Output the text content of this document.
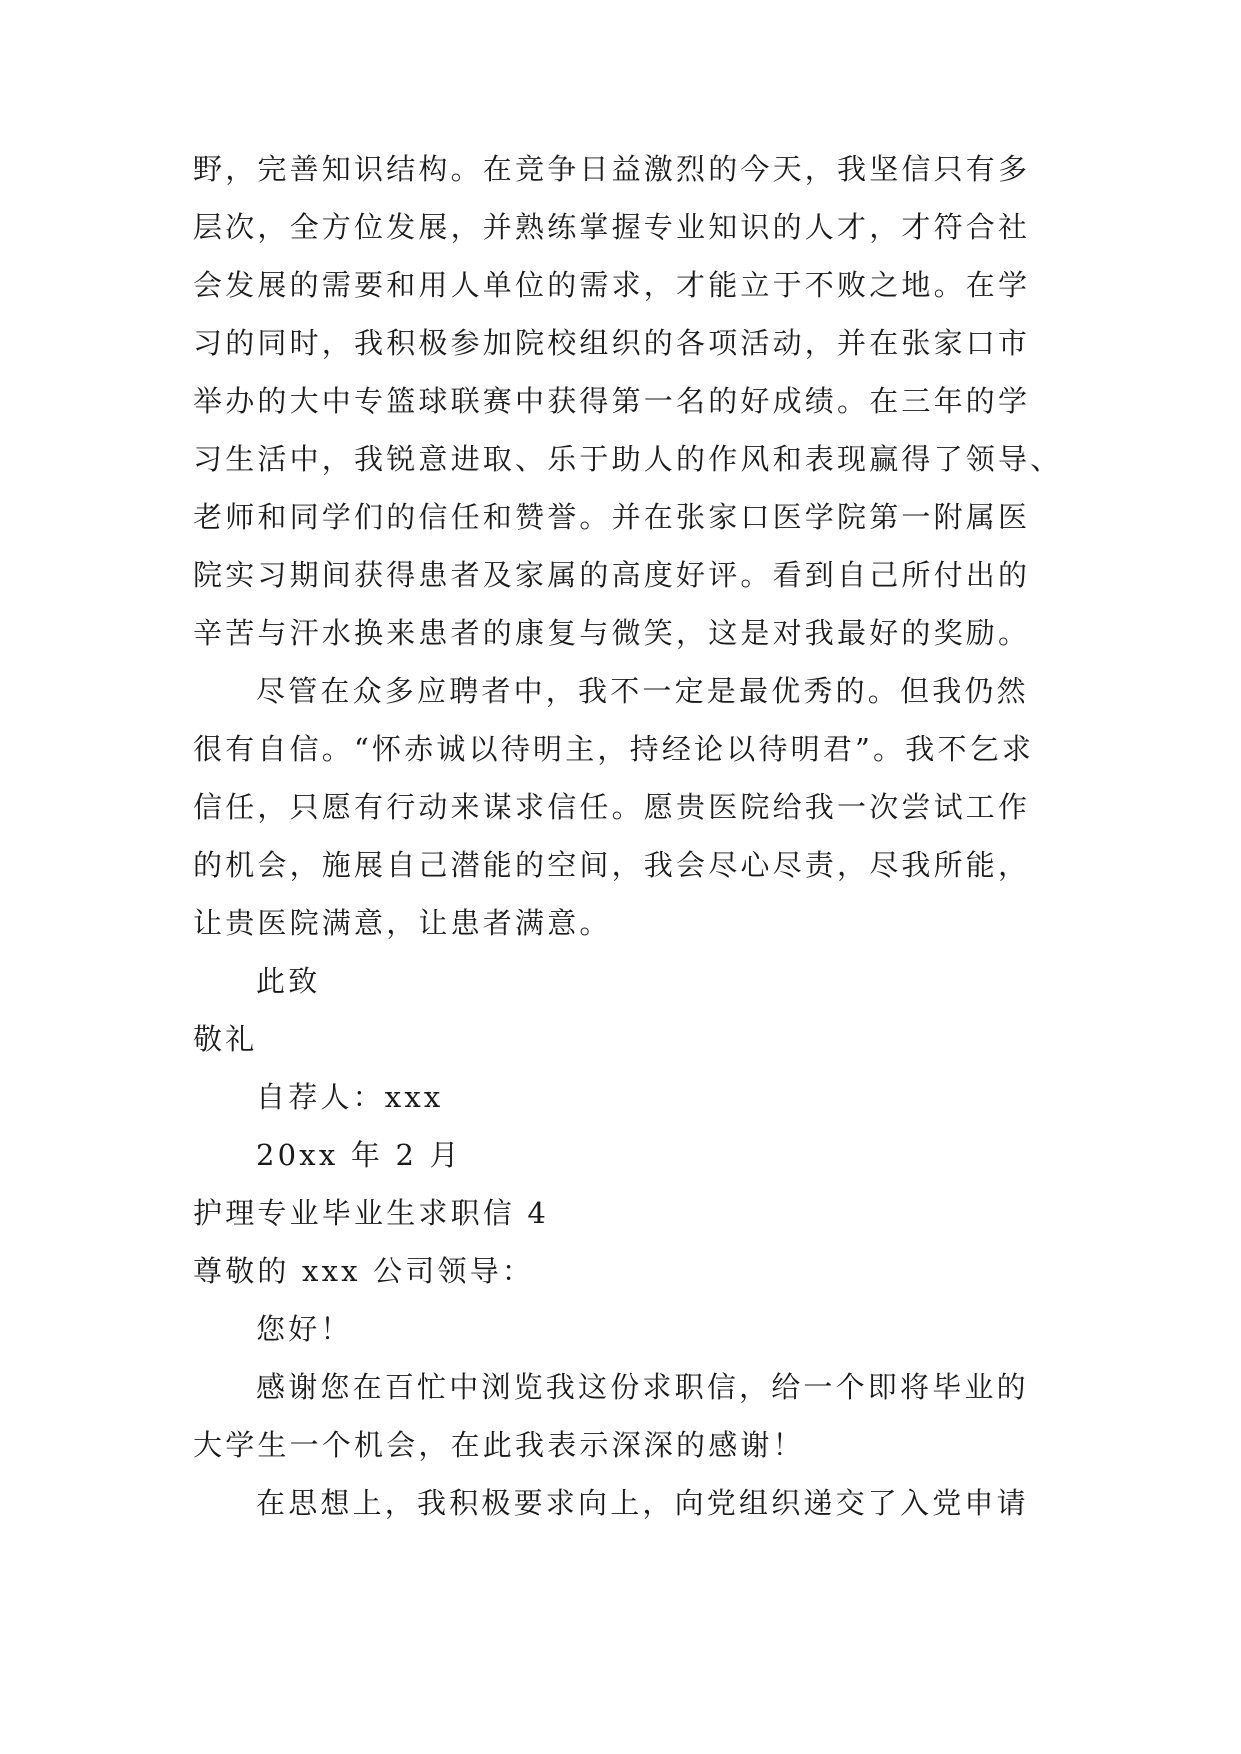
野，完善知识结构。在竞争日益激烈的今天，我坚信只有多
层次，全方位发展，并熟练掌握专业知识的人才，才符合社
会发展的需要和用人单位的需求，才能立于不败之地。在学
习的同时，我积极参加院校组织的各项活动，并在张家口市
举办的大中专篮球联赛中获得第一名的好成绩。在三年的学
习生活中，我锐意进取、乐于助人的作风和表现赢得了领导、
老师和同学们的信任和赞誉。并在张家口医学院第一附属医
院实习期间获得患者及家属的高度好评。看到自己所付出的
辛苦与汗水换来患者的康复与微笑，这是对我最好的奖励。
尽管在众多应聘者中，我不一定是最优秀的。但我仍然
很有自信。“怀赤诚以待明主，持经论以待明君”。我不乞求
信任，只愿有行动来谋求信任。愿贵医院给我一次尝试工作
的机会，施展自己潜能的空间，我会尽心尽责，尽我所能，
让贵医院满意，让患者满意。
此致
敬礼
自荐人：xxx
20xx 年 2 月
护理专业毕业生求职信 4
尊敬的 xxx 公司领导：
您好！
感谢您在百忙中浏览我这份求职信，给一个即将毕业的
大学生一个机会，在此我表示深深的感谢！
在思想上，我积极要求向上，向党组织递交了入党申请
